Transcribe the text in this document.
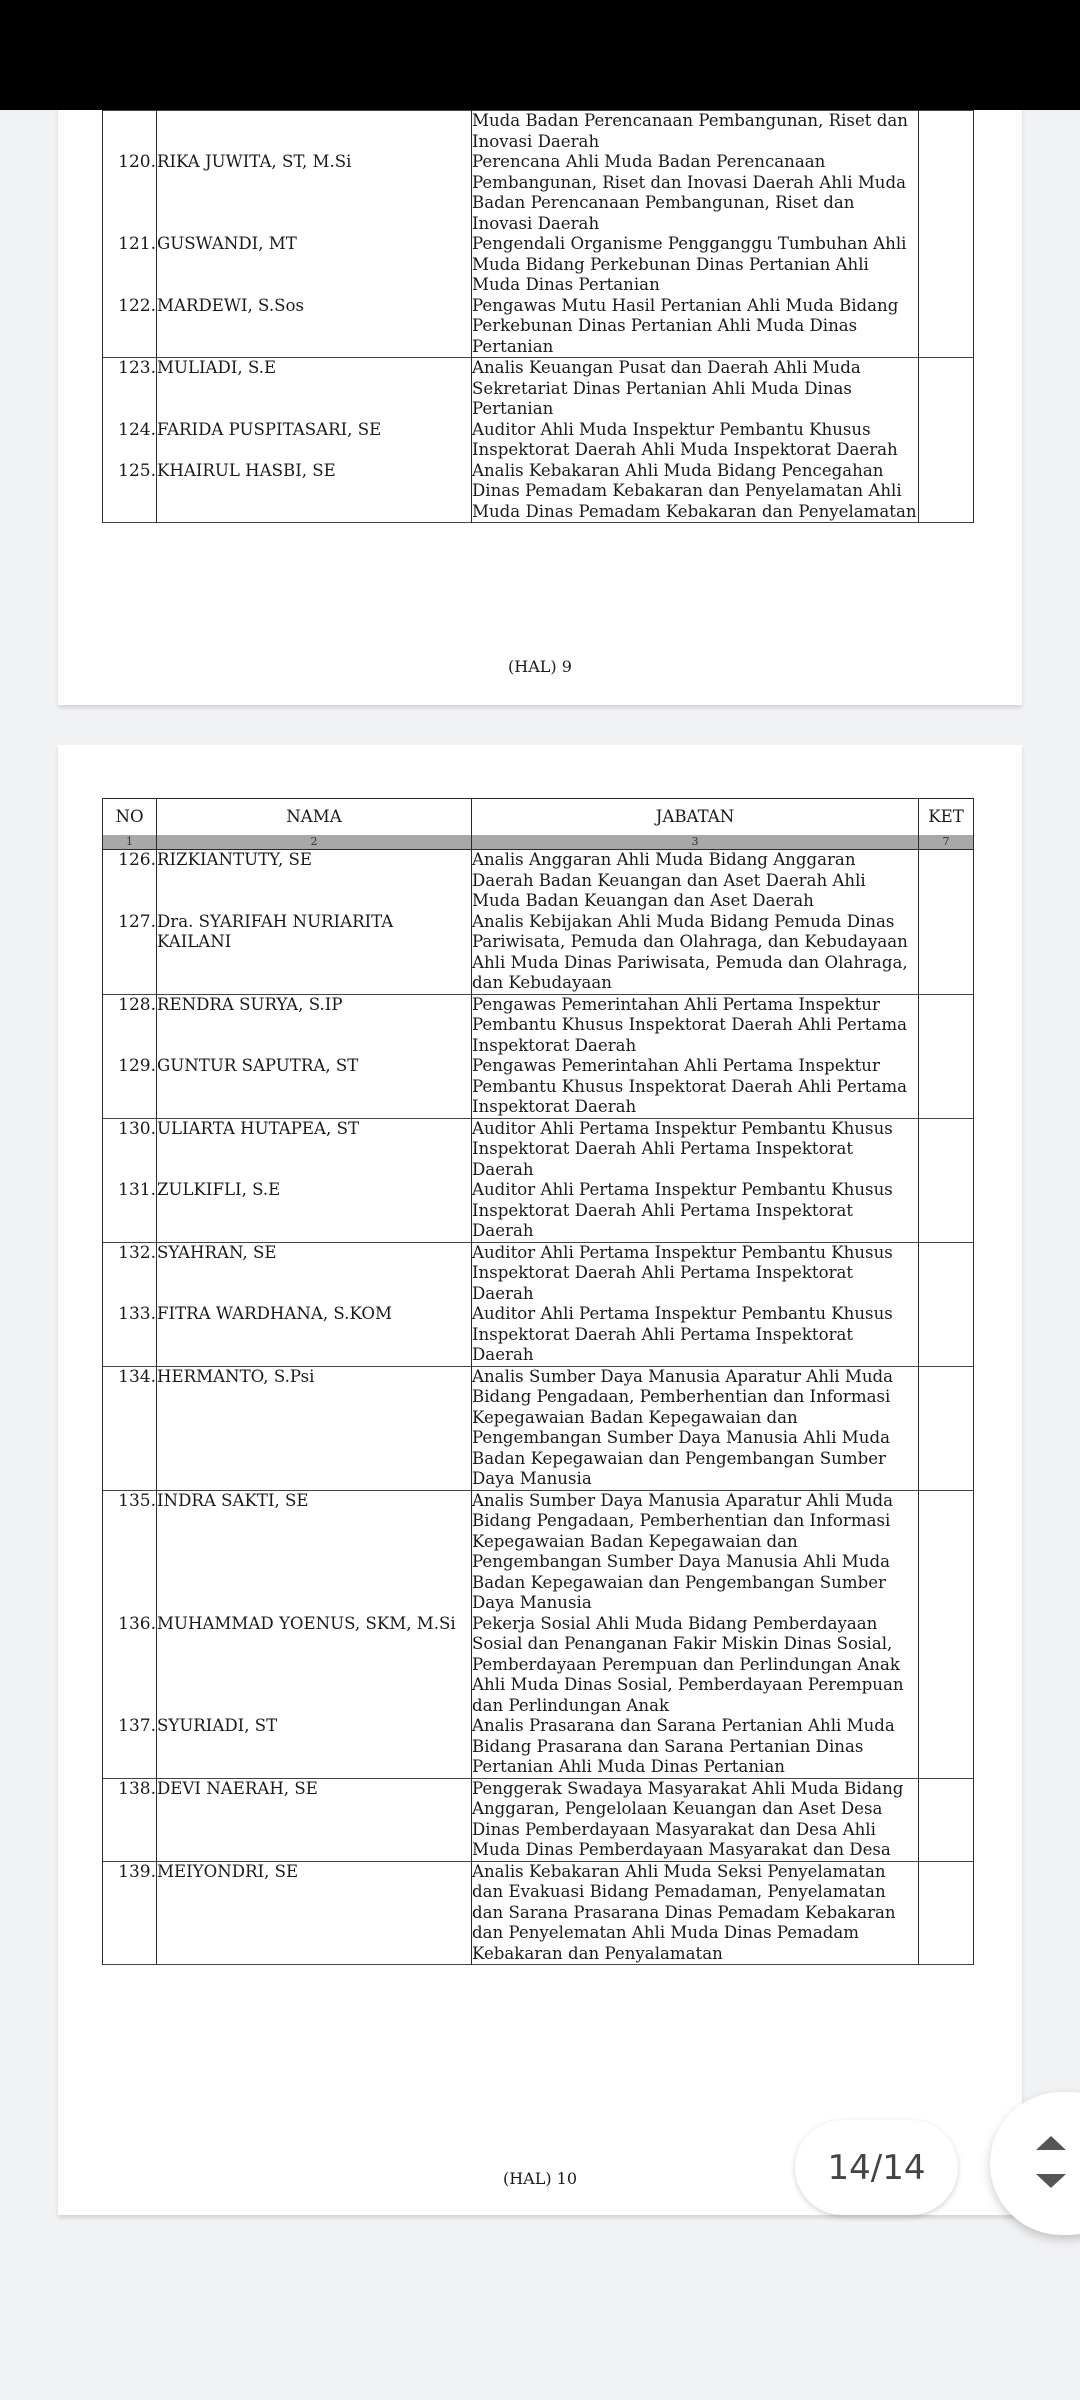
		Muda Badan Perencanaan Pembangunan, Riset dan Inovasi Daerah	
120.	RIKA JUWITA, ST, M.Si	Perencana Ahli Muda Badan Perencanaan Pembangunan, Riset dan Inovasi Daerah Ahli Muda Badan Perencanaan Pembangunan, Riset dan Inovasi Daerah	
121.	GUSWANDI, MT	Pengendali Organisme Pengganggu Tumbuhan Ahli Muda Bidang Perkebunan Dinas Pertanian Ahli Muda Dinas Pertanian	
122.	MARDEWI, S.Sos	Pengawas Mutu Hasil Pertanian Ahli Muda Bidang Perkebunan Dinas Pertanian Ahli Muda Dinas Pertanian	
123.	MULIADI, S.E	Analis Keuangan Pusat dan Daerah Ahli Muda Sekretariat Dinas Pertanian Ahli Muda Dinas Pertanian	
124.	FARIDA PUSPITASARI, SE	Auditor Ahli Muda Inspektur Pembantu Khusus Inspektorat Daerah Ahli Muda Inspektorat Daerah	
125.	KHAIRUL HASBI, SE	Analis Kebakaran Ahli Muda Bidang Pencegahan Dinas Pemadam Kebakaran dan Penyelamatan Ahli Muda Dinas Pemadam Kebakaran dan Penyelamatan	
(HAL) 9
NO	NAMA	JABATAN	KET
1	2	3	7
126.	RIZKIANTUTY, SE	Analis Anggaran Ahli Muda Bidang Anggaran Daerah Badan Keuangan dan Aset Daerah Ahli Muda Badan Keuangan dan Aset Daerah	
127.	Dra. SYARIFAH NURIARITA KAILANI	Analis Kebijakan Ahli Muda Bidang Pemuda Dinas Pariwisata, Pemuda dan Olahraga, dan Kebudayaan Ahli Muda Dinas Pariwisata, Pemuda dan Olahraga, dan Kebudayaan	
128.	RENDRA SURYA, S.IP	Pengawas Pemerintahan Ahli Pertama Inspektur Pembantu Khusus Inspektorat Daerah Ahli Pertama Inspektorat Daerah	
129.	GUNTUR SAPUTRA, ST	Pengawas Pemerintahan Ahli Pertama Inspektur Pembantu Khusus Inspektorat Daerah Ahli Pertama Inspektorat Daerah	
130.	ULIARTA HUTAPEA, ST	Auditor Ahli Pertama Inspektur Pembantu Khusus Inspektorat Daerah Ahli Pertama Inspektorat Daerah	
131.	ZULKIFLI, S.E	Auditor Ahli Pertama Inspektur Pembantu Khusus Inspektorat Daerah Ahli Pertama Inspektorat Daerah	
132.	SYAHRAN, SE	Auditor Ahli Pertama Inspektur Pembantu Khusus Inspektorat Daerah Ahli Pertama Inspektorat Daerah	
133.	FITRA WARDHANA, S.KOM	Auditor Ahli Pertama Inspektur Pembantu Khusus Inspektorat Daerah Ahli Pertama Inspektorat Daerah	
134.	HERMANTO, S.Psi	Analis Sumber Daya Manusia Aparatur Ahli Muda Bidang Pengadaan, Pemberhentian dan Informasi Kepegawaian Badan Kepegawaian dan Pengembangan Sumber Daya Manusia Ahli Muda Badan Kepegawaian dan Pengembangan Sumber Daya Manusia	
135.	INDRA SAKTI, SE	Analis Sumber Daya Manusia Aparatur Ahli Muda Bidang Pengadaan, Pemberhentian dan Informasi Kepegawaian Badan Kepegawaian dan Pengembangan Sumber Daya Manusia Ahli Muda Badan Kepegawaian dan Pengembangan Sumber Daya Manusia	
136.	MUHAMMAD YOENUS, SKM, M.Si	Pekerja Sosial Ahli Muda Bidang Pemberdayaan Sosial dan Penanganan Fakir Miskin Dinas Sosial, Pemberdayaan Perempuan dan Perlindungan Anak Ahli Muda Dinas Sosial, Pemberdayaan Perempuan dan Perlindungan Anak	
137.	SYURIADI, ST	Analis Prasarana dan Sarana Pertanian Ahli Muda Bidang Prasarana dan Sarana Pertanian Dinas Pertanian Ahli Muda Dinas Pertanian	
138.	DEVI NAERAH, SE	Penggerak Swadaya Masyarakat Ahli Muda Bidang Anggaran, Pengelolaan Keuangan dan Aset Desa Dinas Pemberdayaan Masyarakat dan Desa Ahli Muda Dinas Pemberdayaan Masyarakat dan Desa	
139.	MEIYONDRI, SE	Analis Kebakaran Ahli Muda Seksi Penyelamatan dan Evakuasi Bidang Pemadaman, Penyelamatan dan Sarana Prasarana Dinas Pemadam Kebakaran dan Penyelematan Ahli Muda Dinas Pemadam Kebakaran dan Penyalamatan	
(HAL) 10	14/14
